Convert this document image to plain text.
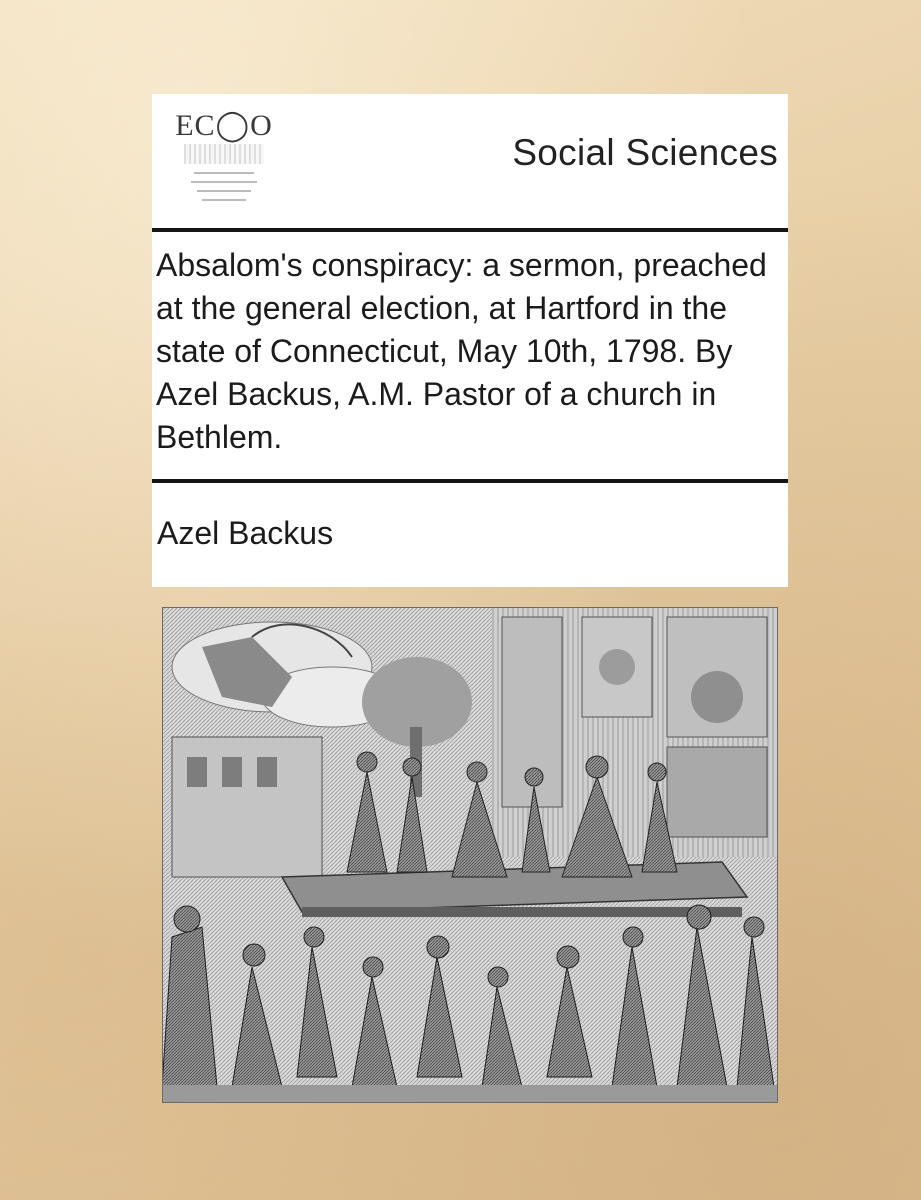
EC◯O
Social Sciences
Absalom's conspiracy: a sermon, preached at the general election, at Hartford in the state of Connecticut, May 10th, 1798. By Azel Backus, A.M. Pastor of a church in Bethlem.
Azel Backus
